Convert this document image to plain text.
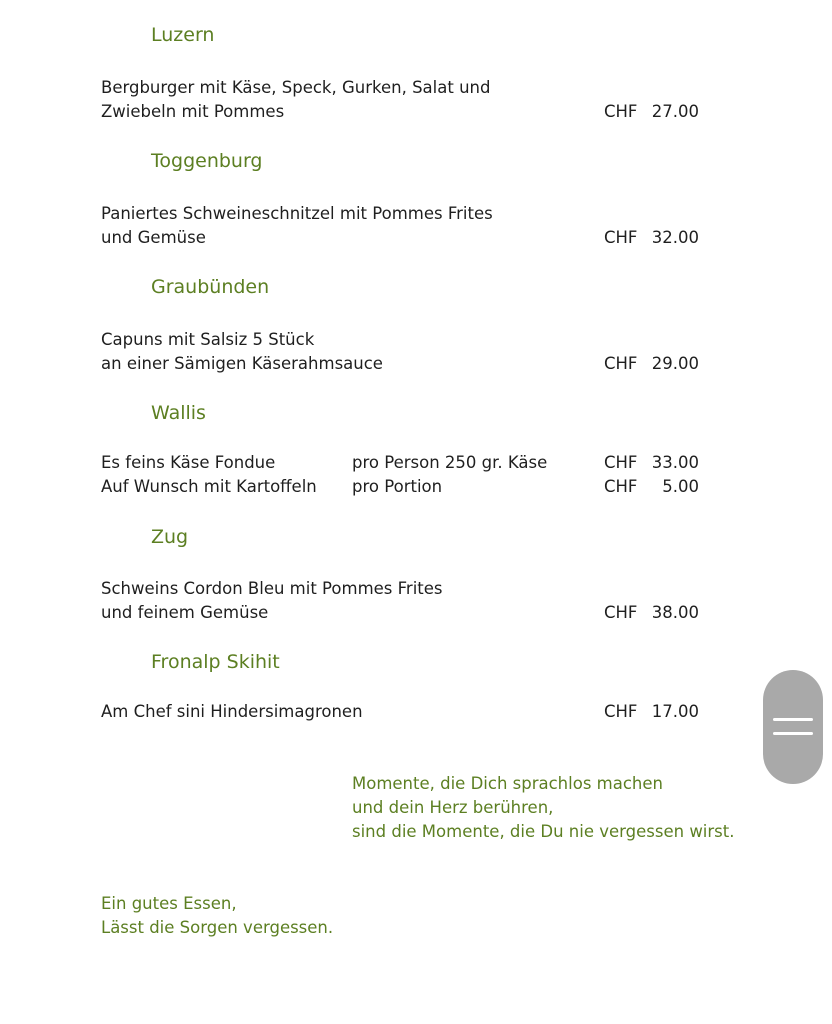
Luzern
Bergburger mit Käse, Speck, Gurken, Salat und
Zwiebeln mit Pommes	CHF 27.00
Toggenburg
Paniertes Schweineschnitzel mit Pommes Frites
und Gemüse	CHF 32.00
Graubünden
Capuns mit Salsiz 5 Stück
an einer Sämigen Käserahmsauce	CHF 29.00
Wallis
Es feins Käse Fondue	pro Person 250 gr. Käse	CHF 33.00
Auf Wunsch mit Kartoffeln pro Portion	CHF 5.00
Zug
Schweins Cordon Bleu mit Pommes Frites
und feinem Gemüse	CHF 38.00
Fronalp Skihit
Am Chef sini Hindersimagronen	CHF 17.00
Momente, die Dich sprachlos machen
und dein Herz berühren,
sind die Momente, die Du nie vergessen wirst.
Ein gutes Essen,
Lässt die Sorgen vergessen.
